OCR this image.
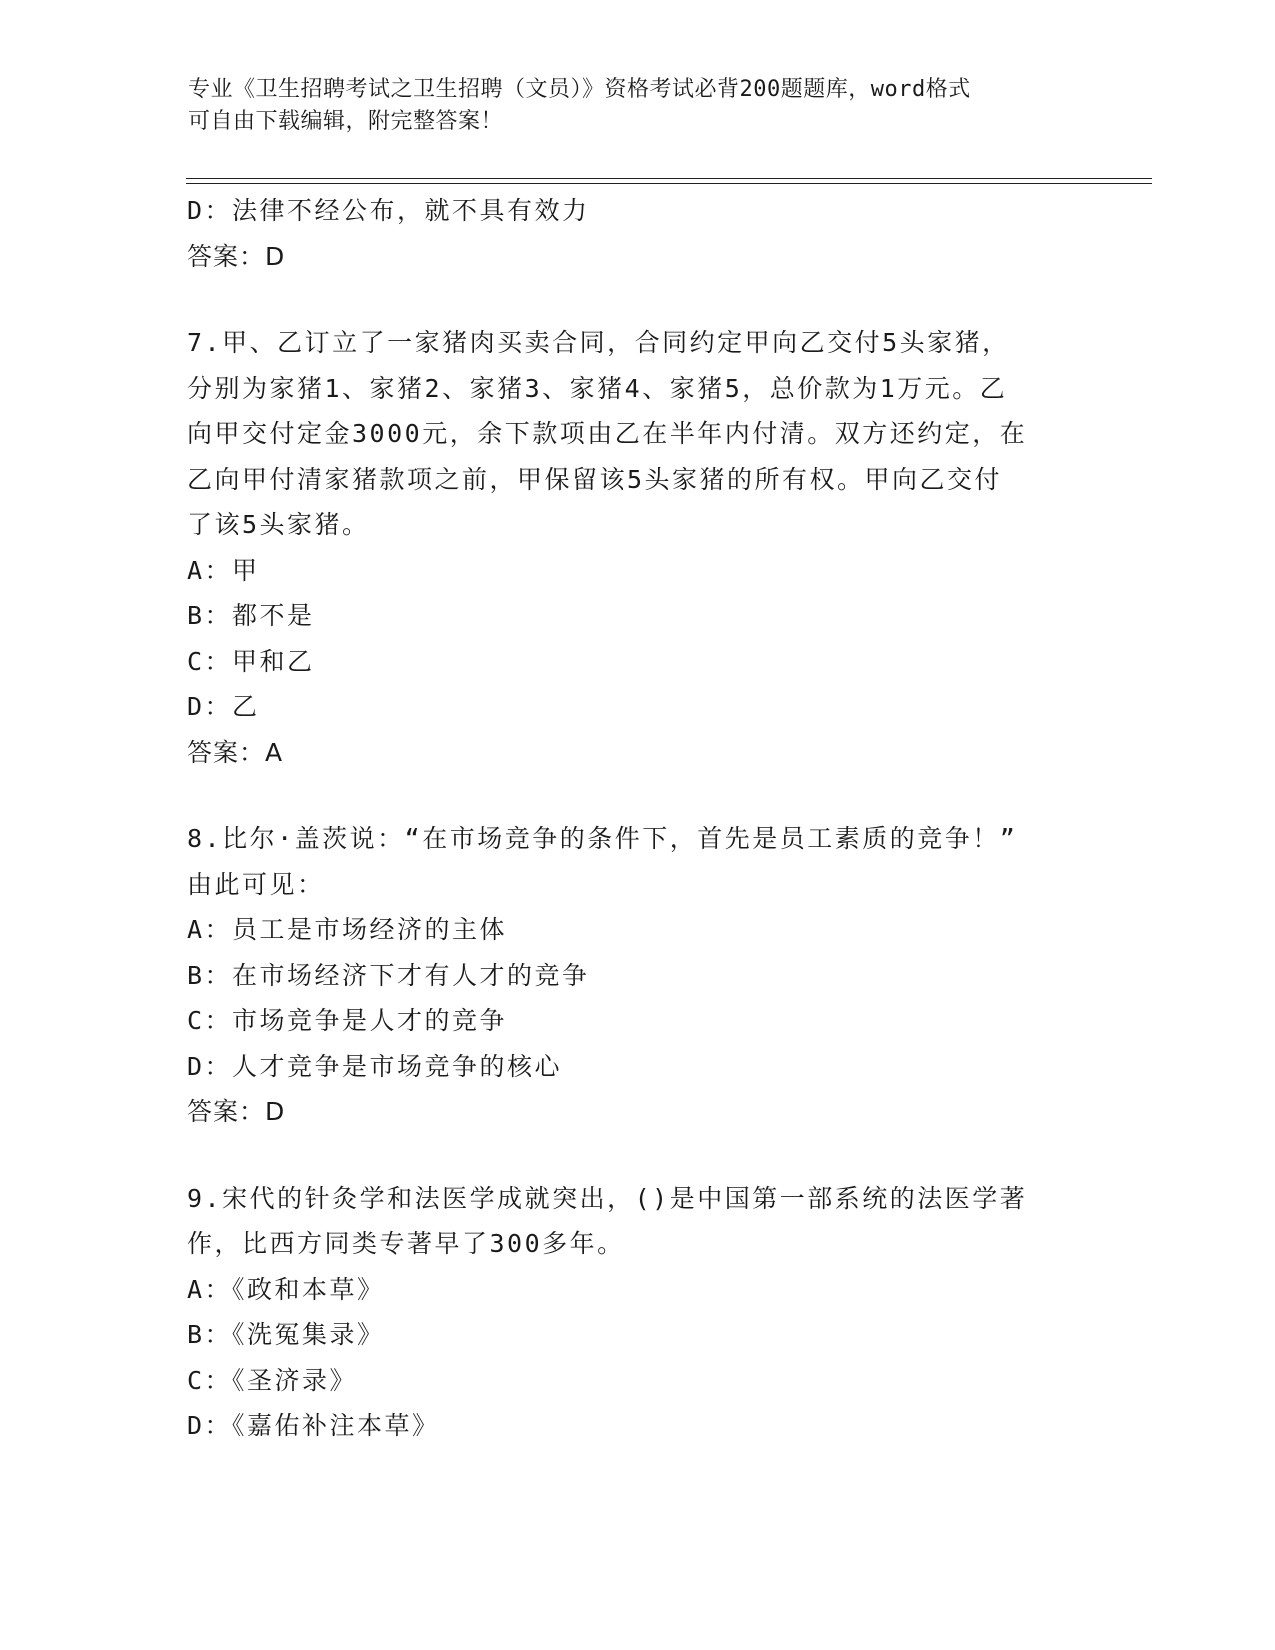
专业《卫生招聘考试之卫生招聘（文员）》资格考试必背200题题库，word格式
可自由下载编辑，附完整答案！
D：法律不经公布，就不具有效力
答案：D
7.甲、乙订立了一家猪肉买卖合同，合同约定甲向乙交付5头家猪，
分别为家猪1、家猪2、家猪3、家猪4、家猪5，总价款为1万元。乙
向甲交付定金3000元，余下款项由乙在半年内付清。双方还约定，在
乙向甲付清家猪款项之前，甲保留该5头家猪的所有权。甲向乙交付
了该5头家猪。
A：甲
B：都不是
C：甲和乙
D：乙
答案：A
8.比尔·盖茨说：“在市场竞争的条件下，首先是员工素质的竞争！”
由此可见：
A：员工是市场经济的主体
B：在市场经济下才有人才的竞争
C：市场竞争是人才的竞争
D：人才竞争是市场竞争的核心
答案：D
9.宋代的针灸学和法医学成就突出，()是中国第一部系统的法医学著
作，比西方同类专著早了300多年。
A：《政和本草》
B：《洗冤集录》
C：《圣济录》
D：《嘉佑补注本草》
